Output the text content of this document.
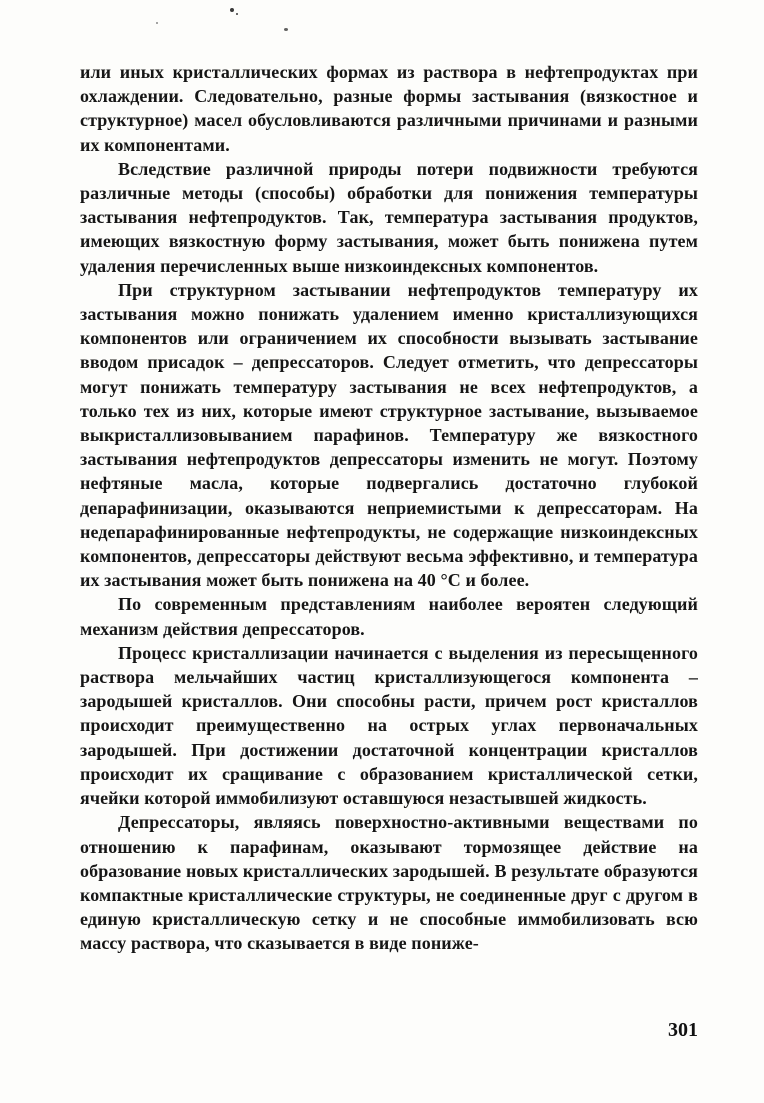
или иных кристаллических формах из раствора в нефтепродуктах при охлаждении. Следовательно, разные формы застывания (вязкостное и структурное) масел обусловливаются различными причинами и разными их компонентами.

Вследствие различной природы потери подвижности требуются различные методы (способы) обработки для понижения температуры застывания нефтепродуктов. Так, температура застывания продуктов, имеющих вязкостную форму застывания, может быть понижена путем удаления перечисленных выше низкоиндексных компонентов.

При структурном застывании нефтепродуктов температуру их застывания можно понижать удалением именно кристаллизующихся компонентов или ограничением их способности вызывать застывание вводом присадок – депрессаторов. Следует отметить, что депрессаторы могут понижать температуру застывания не всех нефтепродуктов, а только тех из них, которые имеют структурное застывание, вызываемое выкристаллизовыванием парафинов. Температуру же вязкостного застывания нефтепродуктов депрессаторы изменить не могут. Поэтому нефтяные масла, которые подвергались достаточно глубокой депарафинизации, оказываются неприемистыми к депрессаторам. На недепарафинированные нефтепродукты, не содержащие низкоиндексных компонентов, депрессаторы действуют весьма эффективно, и температура их застывания может быть понижена на 40 °С и более.

По современным представлениям наиболее вероятен следующий механизм действия депрессаторов.

Процесс кристаллизации начинается с выделения из пересыщенного раствора мельчайших частиц кристаллизующегося компонента – зародышей кристаллов. Они способны расти, причем рост кристаллов происходит преимущественно на острых углах первоначальных зародышей. При достижении достаточной концентрации кристаллов происходит их сращивание с образованием кристаллической сетки, ячейки которой иммобилизуют оставшуюся незастывшей жидкость.

Депрессаторы, являясь поверхностно-активными веществами по отношению к парафинам, оказывают тормозящее действие на образование новых кристаллических зародышей. В результате образуются компактные кристаллические структуры, не соединенные друг с другом в единую кристаллическую сетку и не способные иммобилизовать всю массу раствора, что сказывается в виде пониже-

301
